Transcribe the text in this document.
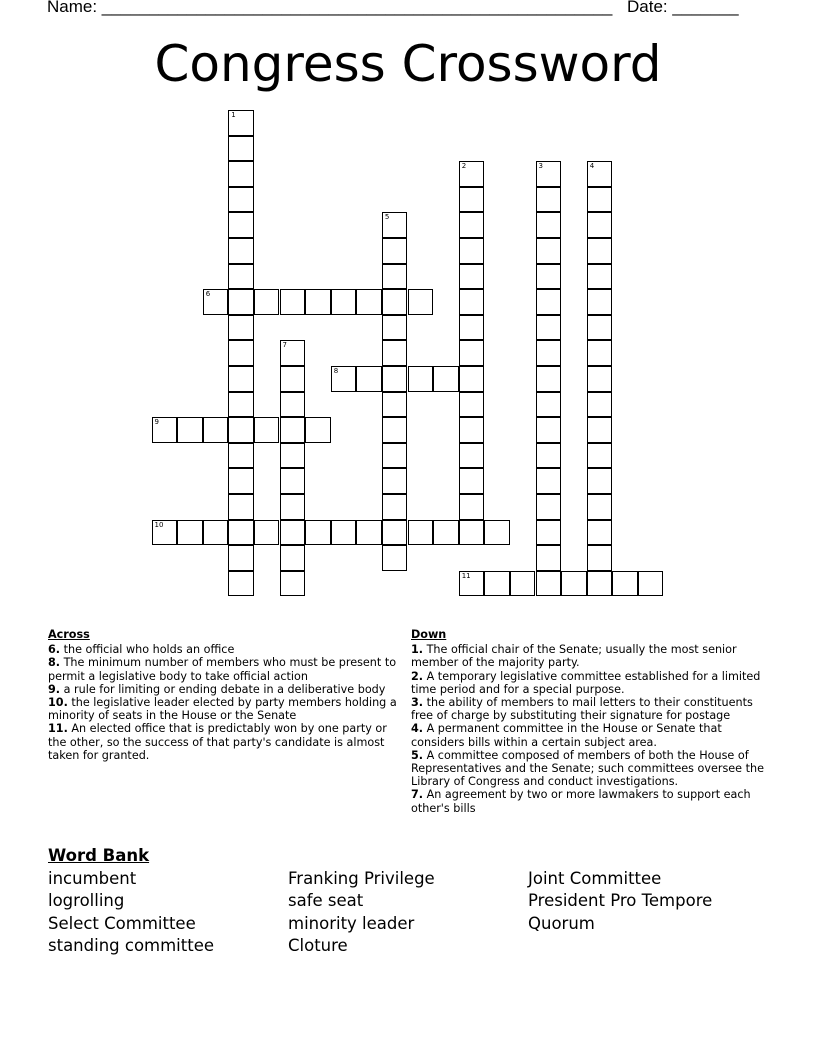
Name: ______________________________________________________ Date: _______
Congress Crossword
1
2	3	4
5
7
6
8
9
10
11
Across
6. the official who holds an office
8. The minimum number of members who must be present to permit a legislative body to take official action
9. a rule for limiting or ending debate in a deliberative body
10. the legislative leader elected by party members holding a minority of seats in the House or the Senate
11. An elected office that is predictably won by one party or the other, so the success of that party's candidate is almost taken for granted.
Down
1. The official chair of the Senate; usually the most senior member of the majority party.
2. A temporary legislative committee established for a limited time period and for a special purpose.
3. the ability of members to mail letters to their constituents free of charge by substituting their signature for postage
4. A permanent committee in the House or Senate that considers bills within a certain subject area.
5. A committee composed of members of both the House of Representatives and the Senate; such committees oversee the Library of Congress and conduct investigations.
7. An agreement by two or more lawmakers to support each other's bills
Word Bank
incumbent
logrolling
Select Committee
standing committee
Franking Privilege
safe seat
minority leader
Cloture
Joint Committee
President Pro Tempore
Quorum
